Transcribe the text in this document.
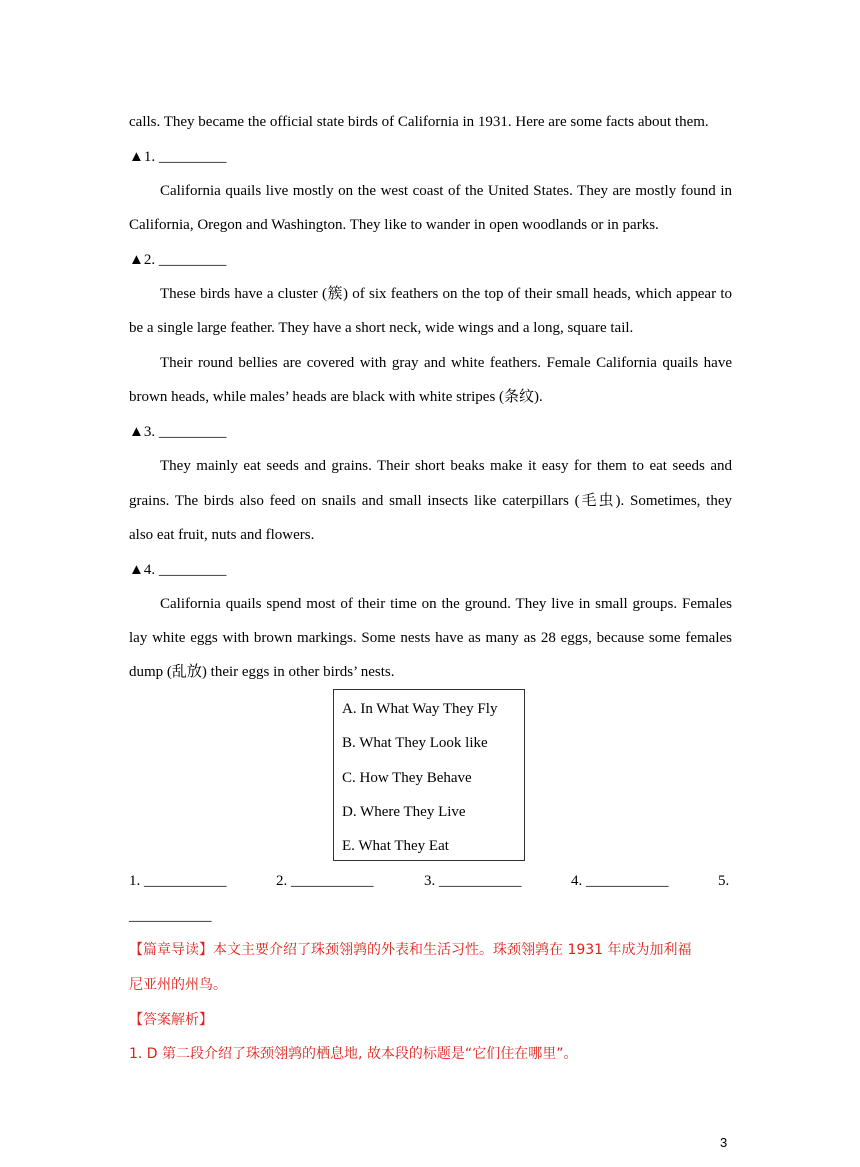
calls. They became the official state birds of California in 1931. Here are some facts about them.
▲1. _________
California quails live mostly on the west coast of the United States. They are mostly found in
California, Oregon and Washington. They like to wander in open woodlands or in parks.
▲2. _________
These birds have a cluster (簇) of six feathers on the top of their small heads, which appear to
be a single large feather. They have a short neck, wide wings and a long, square tail.
Their round bellies are covered with gray and white feathers. Female California quails have
brown heads, while males’ heads are black with white stripes (条纹).
▲3. _________
They mainly eat seeds and grains. Their short beaks make it easy for them to eat seeds and
grains. The birds also feed on snails and small insects like caterpillars (毛虫). Sometimes, they
also eat fruit, nuts and flowers.
▲4. _________
California quails spend most of their time on the ground. They live in small groups. Females
lay white eggs with brown markings. Some nests have as many as 28 eggs, because some females
dump (乱放) their eggs in other birds’ nests.
A. In What Way They Fly
B. What They Look like
C. How They Behave
D. Where They Live
E. What They Eat
1. ___________	2. ___________	3. ___________	4. ___________	5.
___________
【篇章导读】本文主要介绍了珠颈翎鹑的外表和生活习性。珠颈翎鹑在 1931 年成为加利福
尼亚州的州鸟。
【答案解析】
1. D 第二段介绍了珠颈翎鹑的栖息地, 故本段的标题是“它们住在哪里”。
3
